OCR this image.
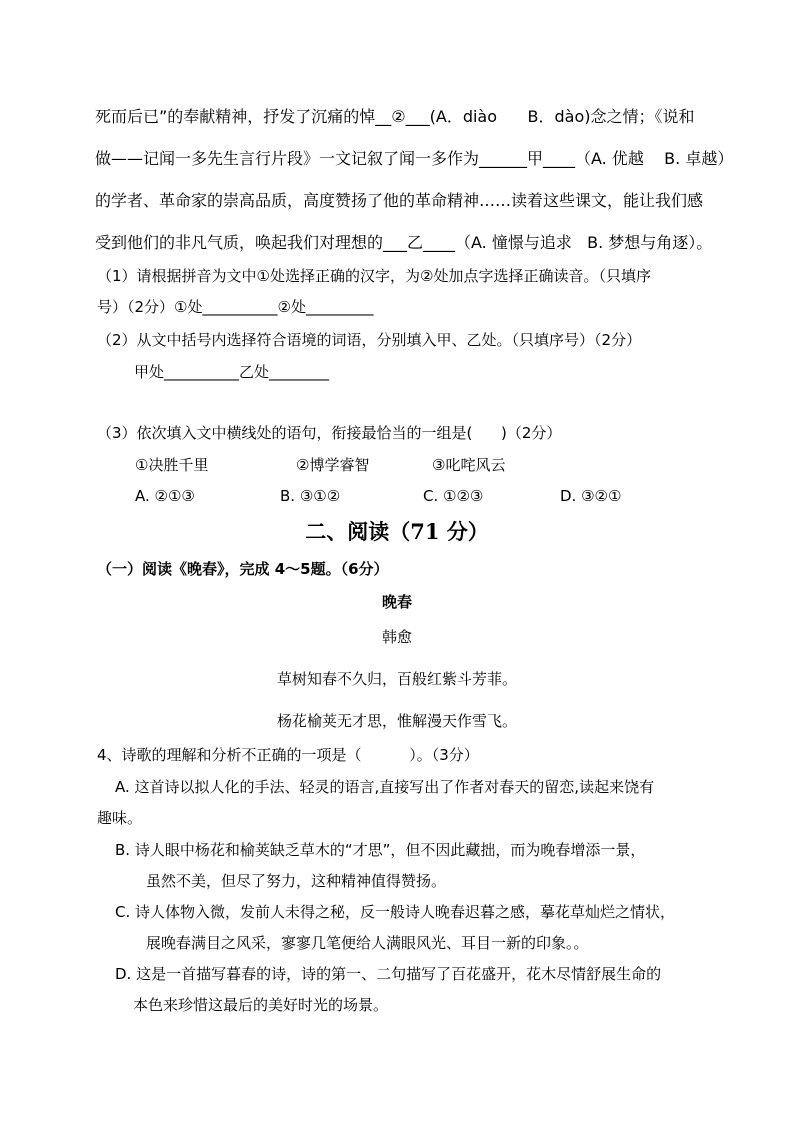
死而后已”的奉献精神，抒发了沉痛的悼__②___(A．diào      B．dào)念之情；《说和
做——记闻一多先生言行片段》一文记叙了闻一多作为______甲____（A. 优越    B. 卓越）
的学者、革命家的崇高品质，高度赞扬了他的革命精神……读着这些课文，能让我们感
受到他们的非凡气质，唤起我们对理想的___乙____（A. 憧憬与追求   B. 梦想与角逐）。
（1）请根据拼音为文中①处选择正确的汉字，为②处加点字选择正确读音。（只填序
号）（2分）①处__________②处_________
（2）从文中括号内选择符合语境的词语，分别填入甲、乙处。（只填序号）（2分）
甲处__________乙处________
（3）依次填入文中横线处的语句，衔接最恰当的一组是(      )（2分）
①决胜千里	②博学睿智	③叱咤风云
A. ②①③	B. ③①②	C. ①②③	D. ③②①
二、阅读（71 分）
（一）阅读《晚春》，完成 4～5题。（6分）
晚春
韩愈
草树知春不久归，百般红紫斗芳菲。
杨花榆荚无才思，惟解漫天作雪飞。
4、诗歌的理解和分析不正确的一项是（          ）。（3分）
A. 这首诗以拟人化的手法、轻灵的语言,直接写出了作者对春天的留恋,读起来饶有
趣味。
B. 诗人眼中杨花和榆荚缺乏草木的“才思”，但不因此藏拙，而为晚春增添一景，
虽然不美，但尽了努力，这种精神值得赞扬。
C. 诗人体物入微，发前人未得之秘，反一般诗人晚春迟暮之感，摹花草灿烂之情状，
展晚春满目之风采，寥寥几笔便给人满眼风光、耳目一新的印象。。
D. 这是一首描写暮春的诗，诗的第一、二句描写了百花盛开，花木尽情舒展生命的
本色来珍惜这最后的美好时光的场景。
